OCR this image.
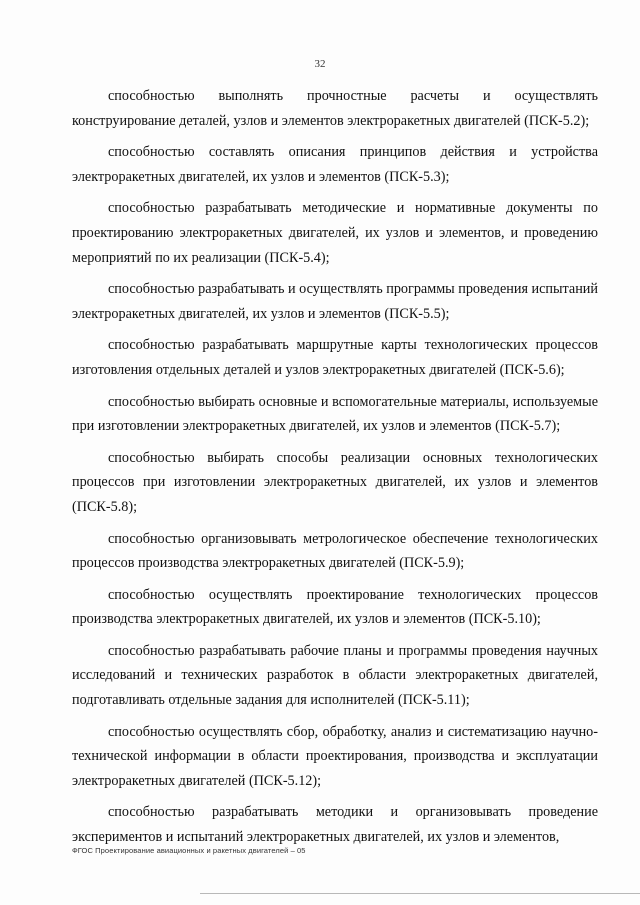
32

способностью выполнять прочностные расчеты и осуществлять конструирование деталей, узлов и элементов электроракетных двигателей (ПСК-5.2);

способностью составлять описания принципов действия и устройства электроракетных двигателей, их узлов и элементов (ПСК-5.3);

способностью разрабатывать методические и нормативные документы по проектированию электроракетных двигателей, их узлов и элементов, и проведению мероприятий по их реализации (ПСК-5.4);

способностью разрабатывать и осуществлять программы проведения испытаний электроракетных двигателей, их узлов и элементов (ПСК-5.5);

способностью разрабатывать маршрутные карты технологических процессов изготовления отдельных деталей и узлов электроракетных двигателей (ПСК-5.6);

способностью выбирать основные и вспомогательные материалы, используемые при изготовлении электроракетных двигателей, их узлов и элементов (ПСК-5.7);

способностью выбирать способы реализации основных технологических процессов при изготовлении электроракетных двигателей, их узлов и элементов (ПСК-5.8);

способностью организовывать метрологическое обеспечение технологических процессов производства электроракетных двигателей (ПСК-5.9);

способностью осуществлять проектирование технологических процессов производства электроракетных двигателей, их узлов и элементов (ПСК-5.10);

способностью разрабатывать рабочие планы и программы проведения научных исследований и технических разработок в области электроракетных двигателей, подготавливать отдельные задания для исполнителей (ПСК-5.11);

способностью осуществлять сбор, обработку, анализ и систематизацию научно-технической информации в области проектирования, производства и эксплуатации электроракетных двигателей (ПСК-5.12);

способностью разрабатывать методики и организовывать проведение экспериментов и испытаний электроракетных двигателей, их узлов и элементов,

ФГОС Проектирование авиационных и ракетных двигателей – 05
